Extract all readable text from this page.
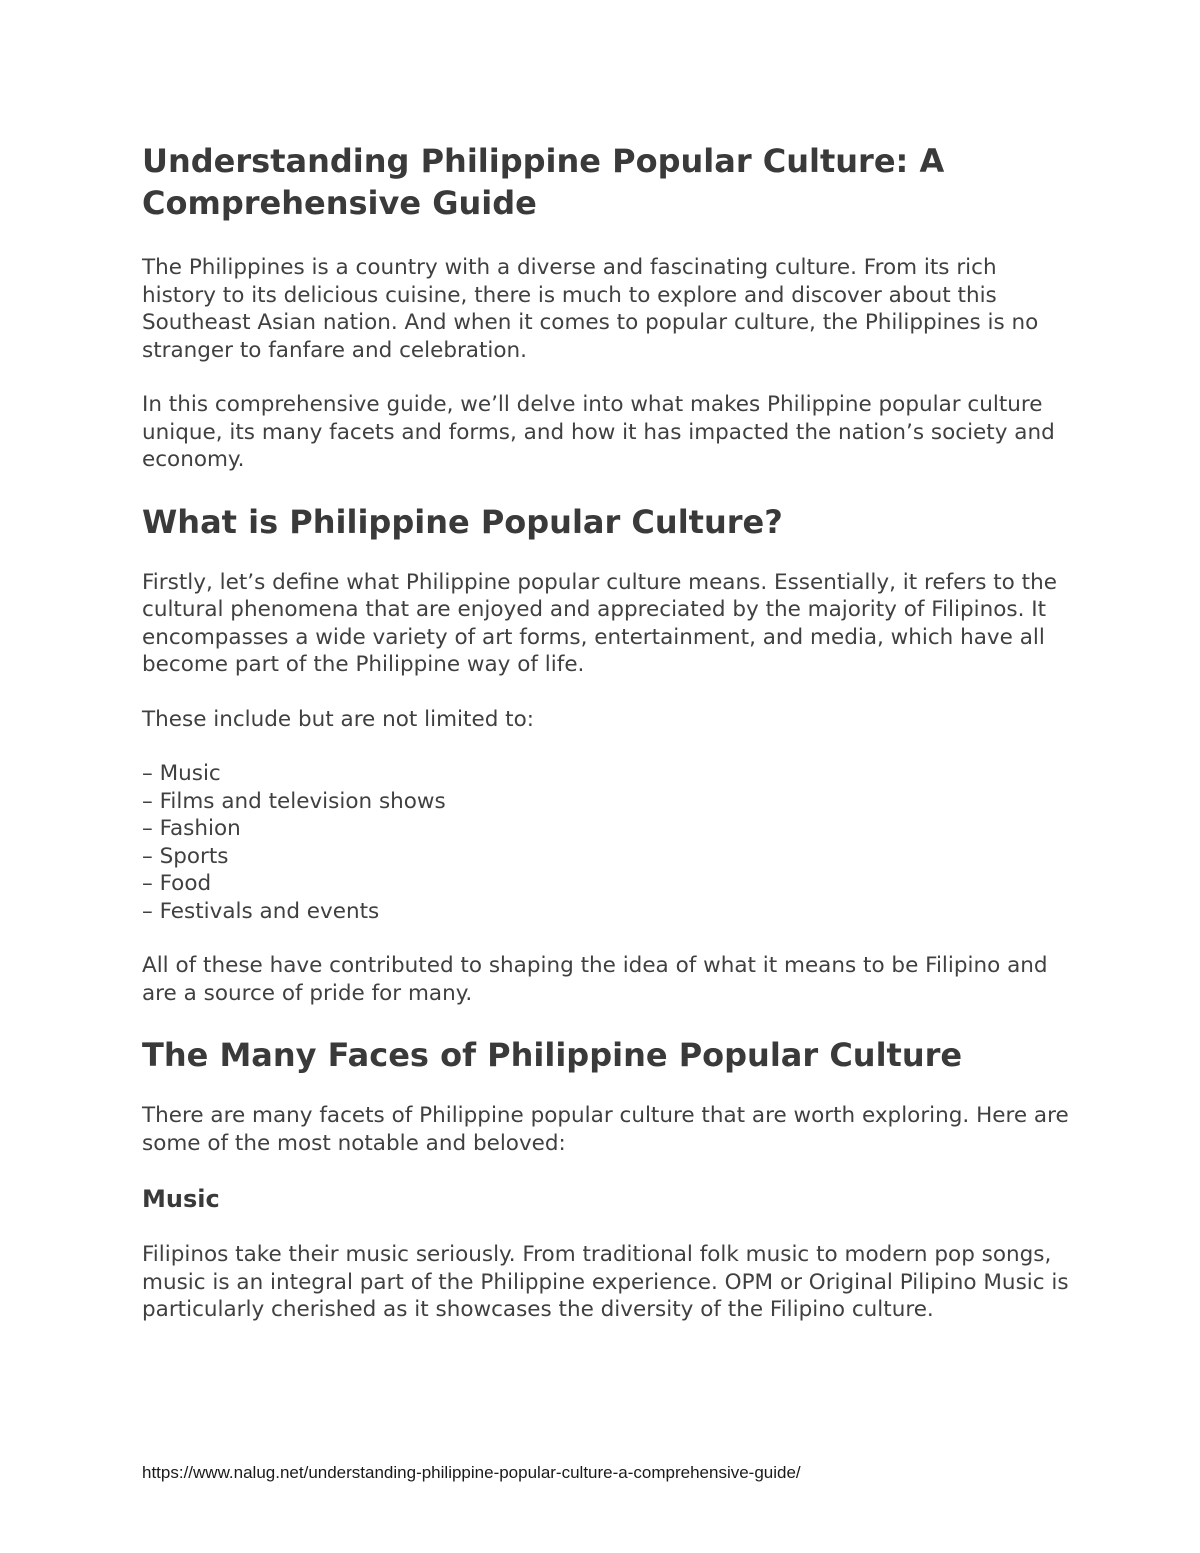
Understanding Philippine Popular Culture: A Comprehensive Guide

The Philippines is a country with a diverse and fascinating culture. From its rich history to its delicious cuisine, there is much to explore and discover about this Southeast Asian nation. And when it comes to popular culture, the Philippines is no stranger to fanfare and celebration.

In this comprehensive guide, we’ll delve into what makes Philippine popular culture unique, its many facets and forms, and how it has impacted the nation’s society and economy.

What is Philippine Popular Culture?

Firstly, let’s define what Philippine popular culture means. Essentially, it refers to the cultural phenomena that are enjoyed and appreciated by the majority of Filipinos. It encompasses a wide variety of art forms, entertainment, and media, which have all become part of the Philippine way of life.

These include but are not limited to:

– Music
– Films and television shows
– Fashion
– Sports
– Food
– Festivals and events

All of these have contributed to shaping the idea of what it means to be Filipino and are a source of pride for many.

The Many Faces of Philippine Popular Culture

There are many facets of Philippine popular culture that are worth exploring. Here are some of the most notable and beloved:

Music

Filipinos take their music seriously. From traditional folk music to modern pop songs, music is an integral part of the Philippine experience. OPM or Original Pilipino Music is particularly cherished as it showcases the diversity of the Filipino culture.

https://www.nalug.net/understanding-philippine-popular-culture-a-comprehensive-guide/
